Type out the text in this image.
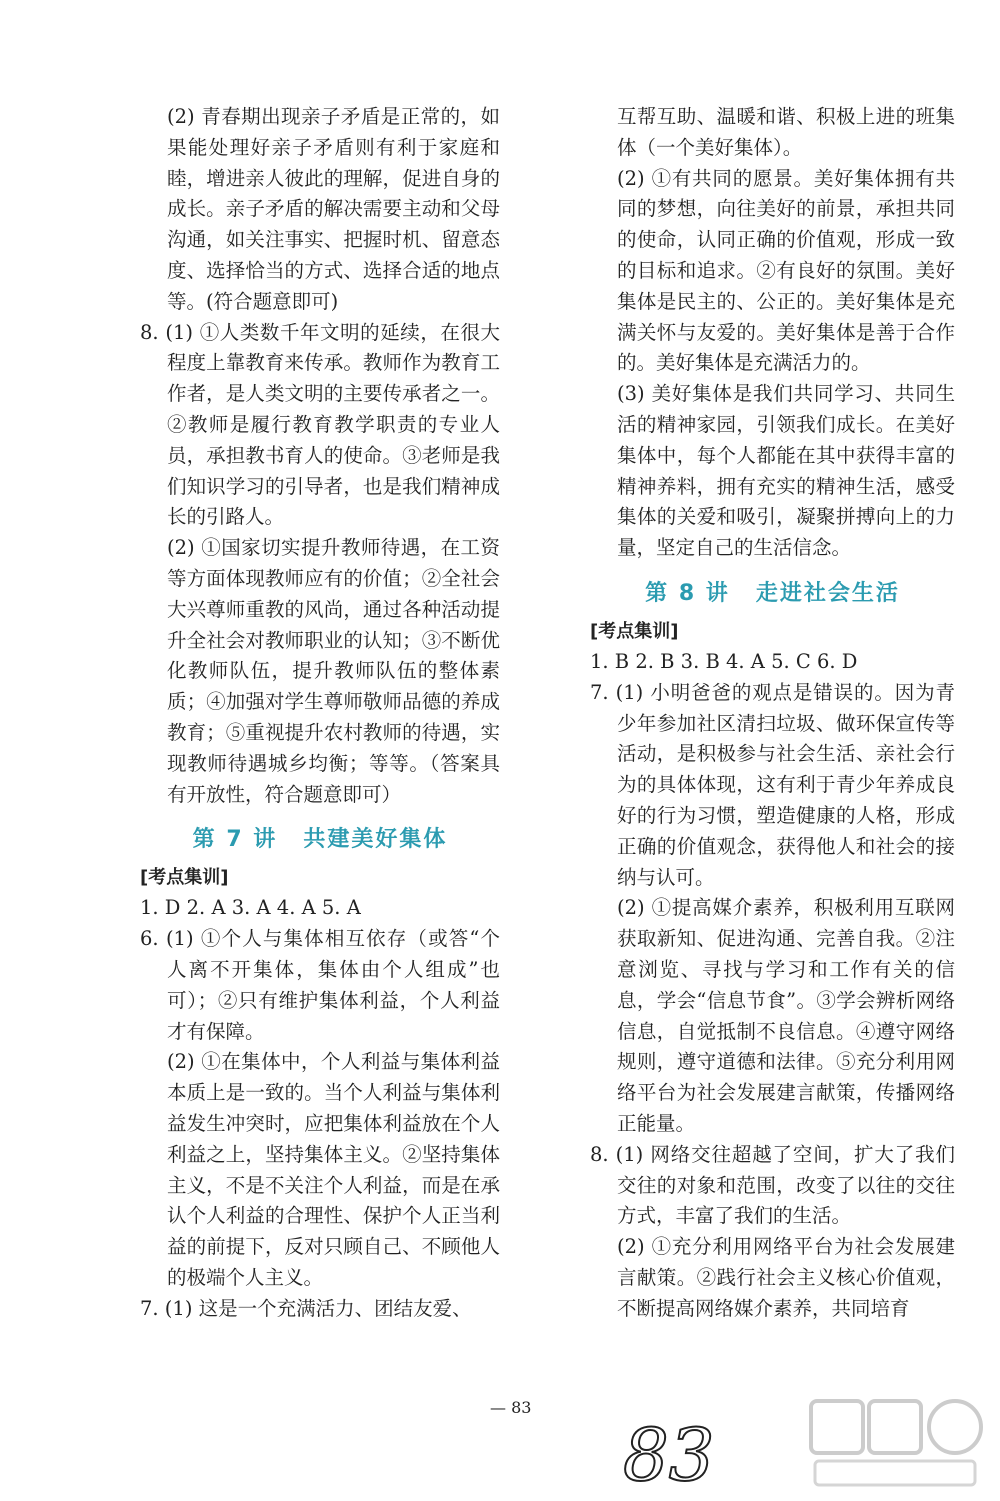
(2) 青春期出现亲子矛盾是正常的，如果能处理好亲子矛盾则有利于家庭和睦，增进亲人彼此的理解，促进自身的成长。亲子矛盾的解决需要主动和父母沟通，如关注事实、把握时机、留意态度、选择恰当的方式、选择合适的地点等。(符合题意即可)

8. (1) ①人类数千年文明的延续，在很大程度上靠教育来传承。教师作为教育工作者，是人类文明的主要传承者之一。②教师是履行教育教学职责的专业人员，承担教书育人的使命。③老师是我们知识学习的引导者，也是我们精神成长的引路人。

(2) ①国家切实提升教师待遇，在工资等方面体现教师应有的价值；②全社会大兴尊师重教的风尚，通过各种活动提升全社会对教师职业的认知；③不断优化教师队伍，提升教师队伍的整体素质；④加强对学生尊师敬师品德的养成教育；⑤重视提升农村教师的待遇，实现教师待遇城乡均衡；等等。（答案具有开放性，符合题意即可）

第 7 讲 共建美好集体

[考点集训]

1. D 2. A 3. A 4. A 5. A

6. (1) ①个人与集体相互依存（或答“个人离不开集体，集体由个人组成”也可）；②只有维护集体利益，个人利益才有保障。

(2) ①在集体中，个人利益与集体利益本质上是一致的。当个人利益与集体利益发生冲突时，应把集体利益放在个人利益之上，坚持集体主义。②坚持集体主义，不是不关注个人利益，而是在承认个人利益的合理性、保护个人正当利益的前提下，反对只顾自己、不顾他人的极端个人主义。

7. (1) 这是一个充满活力、团结友爱、

互帮互助、温暖和谐、积极上进的班集体（一个美好集体）。

(2) ①有共同的愿景。美好集体拥有共同的梦想，向往美好的前景，承担共同的使命，认同正确的价值观，形成一致的目标和追求。②有良好的氛围。美好集体是民主的、公正的。美好集体是充满关怀与友爱的。美好集体是善于合作的。美好集体是充满活力的。

(3) 美好集体是我们共同学习、共同生活的精神家园，引领我们成长。在美好集体中，每个人都能在其中获得丰富的精神养料，拥有充实的精神生活，感受集体的关爱和吸引，凝聚拼搏向上的力量，坚定自己的生活信念。

第 8 讲 走进社会生活

[考点集训]

1. B 2. B 3. B 4. A 5. C 6. D

7. (1) 小明爸爸的观点是错误的。因为青少年参加社区清扫垃圾、做环保宣传等活动，是积极参与社会生活、亲社会行为的具体体现，这有利于青少年养成良好的行为习惯，塑造健康的人格，形成正确的价值观念，获得他人和社会的接纳与认可。

(2) ①提高媒介素养，积极利用互联网获取新知、促进沟通、完善自我。②注意浏览、寻找与学习和工作有关的信息，学会“信息节食”。③学会辨析网络信息，自觉抵制不良信息。④遵守网络规则，遵守道德和法律。⑤充分利用网络平台为社会发展建言献策，传播网络正能量。

8. (1) 网络交往超越了空间，扩大了我们交往的对象和范围，改变了以往的交往方式，丰富了我们的生活。

(2) ①充分利用网络平台为社会发展建言献策。②践行社会主义核心价值观，不断提高网络媒介素养，共同培育

— 83
83
